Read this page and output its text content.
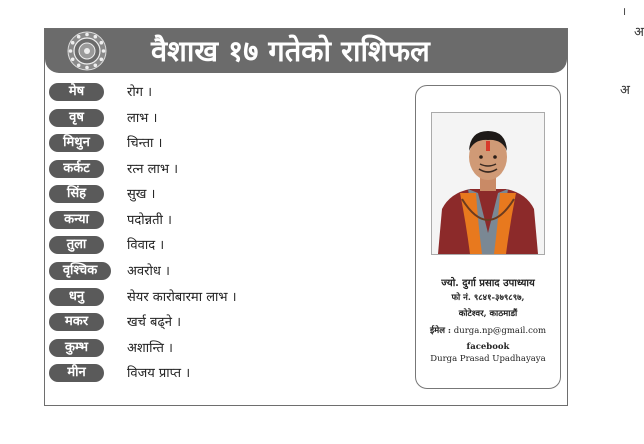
।
अ
अ
वैशाख १७ गतेको राशिफल
मेष	रोग ।
वृष	लाभ ।
मिथुन	चिन्ता ।
कर्कट	रत्न लाभ ।
सिंह	सुख ।
कन्या	पदोन्नती ।
तुला	विवाद ।
वृश्चिक	अवरोध ।
धनु	सेयर कारोबारमा लाभ ।
मकर	खर्च बढ्ने ।
कुम्भ	अशान्ति ।
मीन	विजय प्राप्त ।
ज्यो. दुर्गा प्रसाद उपाध्याय
फो नं. ९८४१-३७९८९७,
कोटेश्वर, काठमाडौं
ईमेल : durga.np@gmail.com
facebook
Durga Prasad Upadhayaya
